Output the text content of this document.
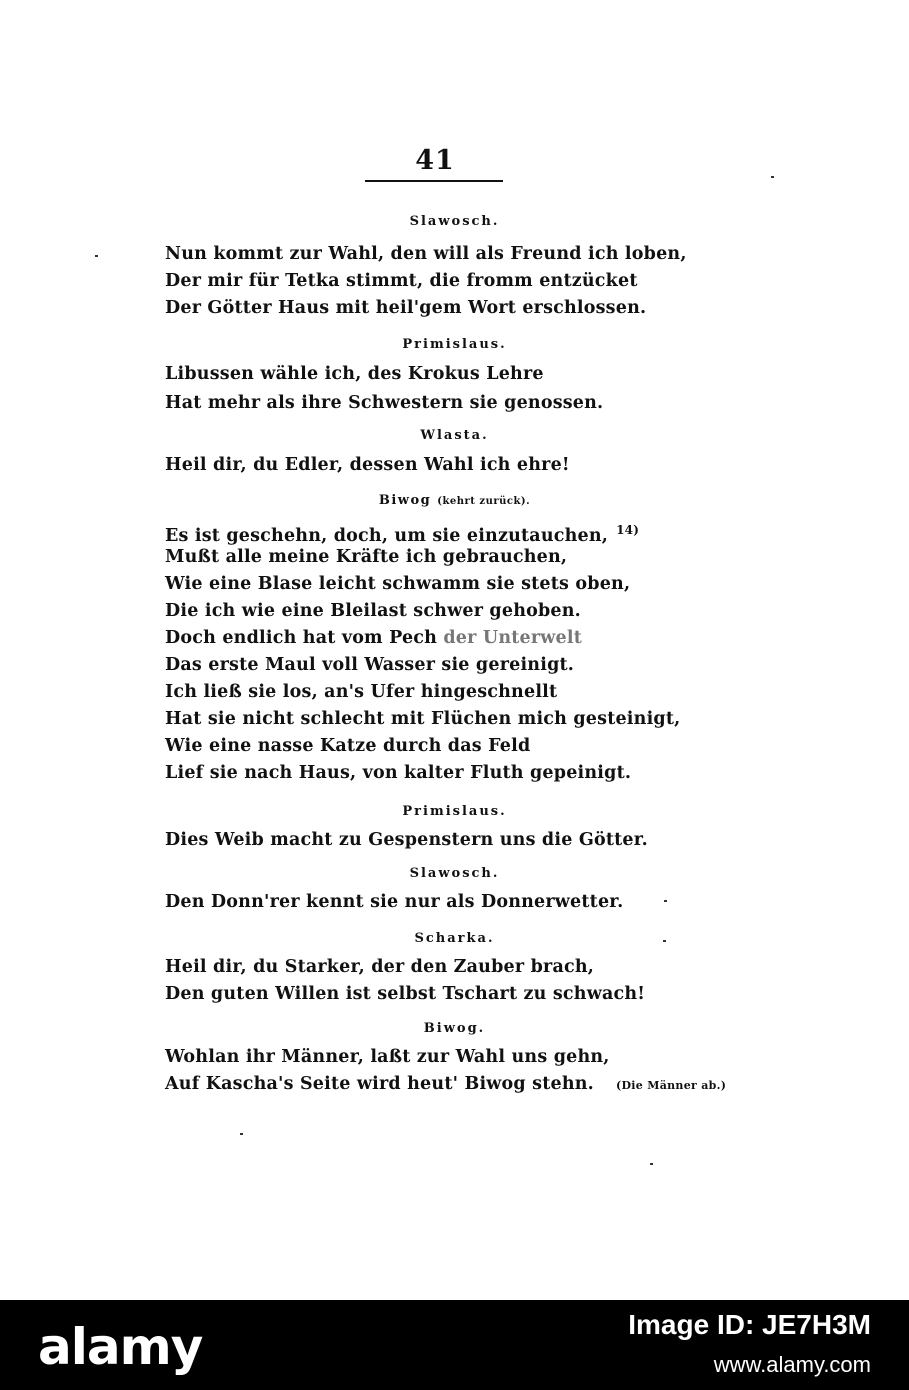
41
Slawosch.
Nun kommt zur Wahl, den will als Freund ich loben,
Der mir für Tetka stimmt, die fromm entzücket
Der Götter Haus mit heil'gem Wort erschlossen.
Primislaus.
Libussen wähle ich, des Krokus Lehre
Hat mehr als ihre Schwestern sie genossen.
Wlasta.
Heil dir, du Edler, dessen Wahl ich ehre!
Biwog (kehrt zurück).
Es ist geschehn, doch, um sie einzutauchen, $^{14)}$
Mußt alle meine Kräfte ich gebrauchen,
Wie eine Blase leicht schwamm sie stets oben,
Die ich wie eine Bleilast schwer gehoben.
Doch endlich hat vom Pech der Unterwelt
Das erste Maul voll Wasser sie gereinigt.
Ich ließ sie los, an's Ufer hingeschnellt
Hat sie nicht schlecht mit Flüchen mich gesteinigt,
Wie eine nasse Katze durch das Feld
Lief sie nach Haus, von kalter Fluth gepeinigt.
Primislaus.
Dies Weib macht zu Gespenstern uns die Götter.
Slawosch.
Den Donn'rer kennt sie nur als Donnerwetter.
Scharka.
Heil dir, du Starker, der den Zauber brach,
Den guten Willen ist selbst Tschart zu schwach!
Biwog.
Wohlan ihr Männer, laßt zur Wahl uns gehn,
Auf Kascha's Seite wird heut' Biwog stehn. (Die Männer ab.)
alamy	Image ID: JE7H3M
www.alamy.com
